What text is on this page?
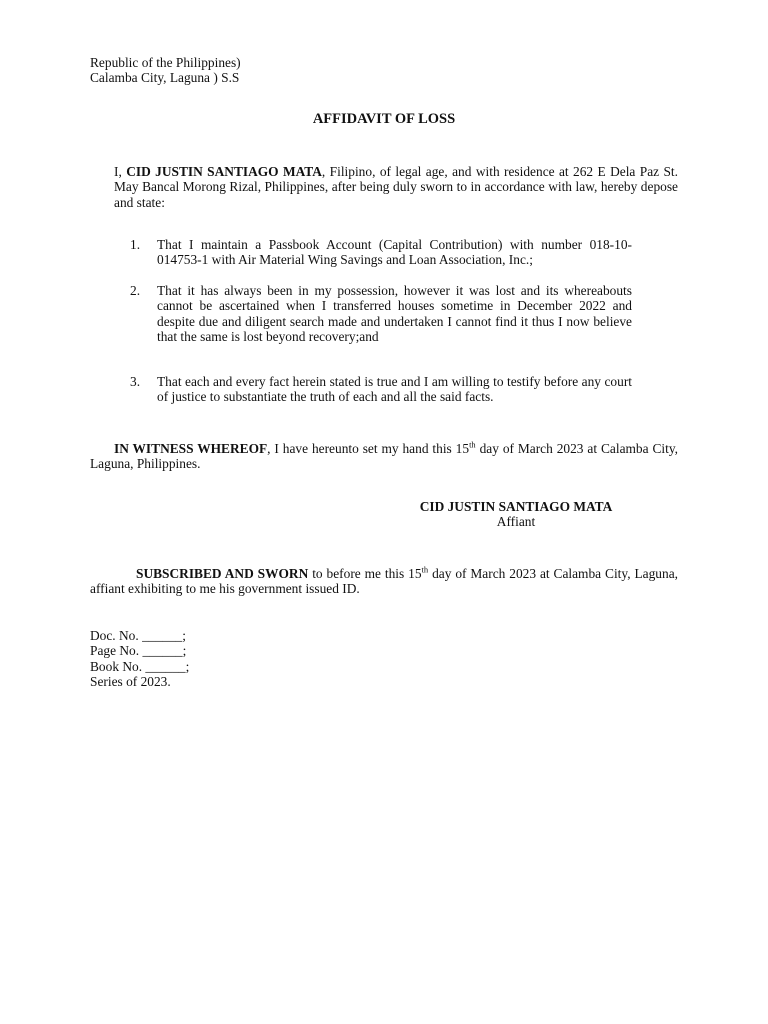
Republic of the Philippines)
Calamba City, Laguna ) S.S
AFFIDAVIT OF LOSS
I, CID JUSTIN SANTIAGO MATA, Filipino, of legal age, and with residence at 262 E Dela Paz St. May Bancal Morong Rizal, Philippines, after being duly sworn to in accordance with law, hereby depose and state:
1.	That I maintain a Passbook Account (Capital Contribution) with number 018-10-014753-1 with Air Material Wing Savings and Loan Association, Inc.;
2.	That it has always been in my possession, however it was lost and its whereabouts cannot be ascertained when I transferred houses sometime in December 2022 and despite due and diligent search made and undertaken I cannot find it thus I now believe that the same is lost beyond recovery;and
3.	That each and every fact herein stated is true and I am willing to testify before any court of justice to substantiate the truth of each and all the said facts.
IN WITNESS WHEREOF, I have hereunto set my hand this 15th day of March 2023 at Calamba City, Laguna, Philippines.
CID JUSTIN SANTIAGO MATA
Affiant
SUBSCRIBED AND SWORN to before me this 15th day of March 2023 at Calamba City, Laguna, affiant exhibiting to me his government issued ID.
Doc. No. ______;
Page No. ______;
Book No. ______;
Series of 2023.
